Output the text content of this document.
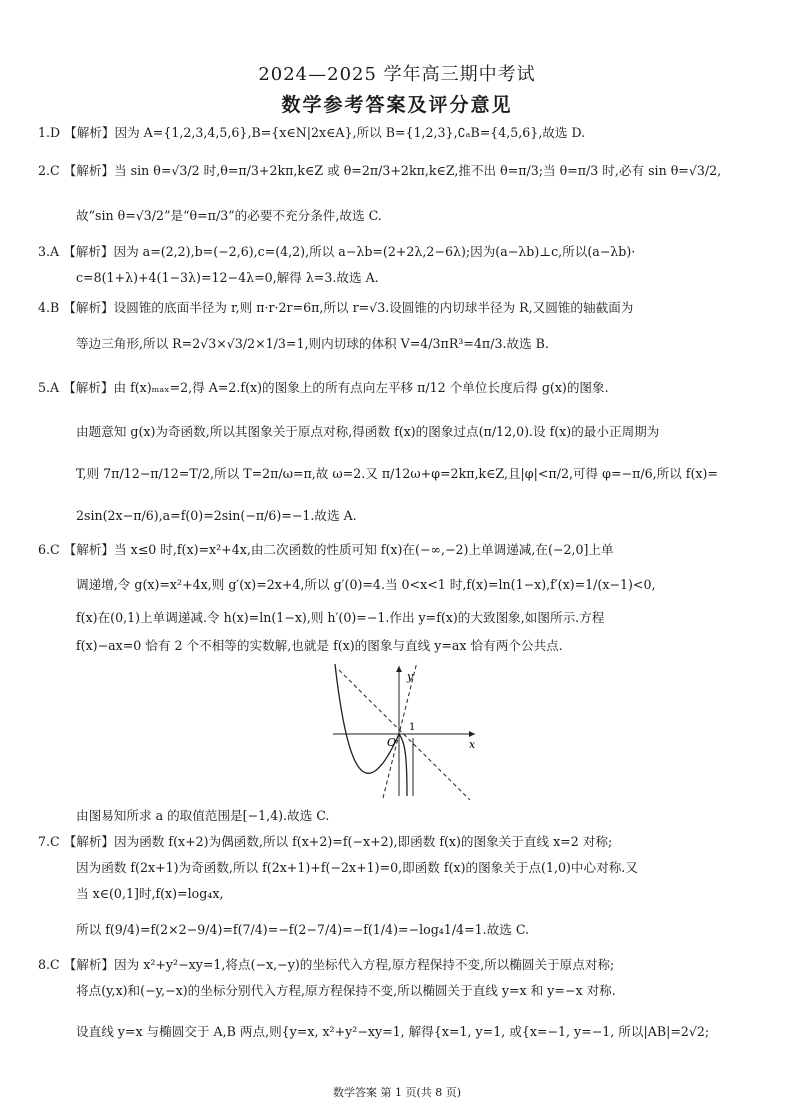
2024—2025 学年高三期中考试
数学参考答案及评分意见
1.D 【解析】因为 A={1,2,3,4,5,6},B={x∈N|2x∈A},所以 B={1,2,3},∁ₐB={4,5,6},故选 D.
2.C 【解析】当 sin θ=√3/2 时,θ=π/3+2kπ,k∈Z 或 θ=2π/3+2kπ,k∈Z,推不出 θ=π/3;当 θ=π/3 时,必有 sin θ=√3/2,
故“sin θ=√3/2”是“θ=π/3”的必要不充分条件,故选 C.
3.A 【解析】因为 a=(2,2),b=(−2,6),c=(4,2),所以 a−λb=(2+2λ,2−6λ);因为(a−λb)⊥c,所以(a−λb)·
c=8(1+λ)+4(1−3λ)=12−4λ=0,解得 λ=3.故选 A.
4.B 【解析】设圆锥的底面半径为 r,则 π·r·2r=6π,所以 r=√3.设圆锥的内切球半径为 R,又圆锥的轴截面为
等边三角形,所以 R=2√3×√3/2×1/3=1,则内切球的体积 V=4/3πR³=4π/3.故选 B.
5.A 【解析】由 f(x)ₘₐₓ=2,得 A=2.f(x)的图象上的所有点向左平移 π/12 个单位长度后得 g(x)的图象.
由题意知 g(x)为奇函数,所以其图象关于原点对称,得函数 f(x)的图象过点(π/12,0).设 f(x)的最小正周期为
T,则 7π/12−π/12=T/2,所以 T=2π/ω=π,故 ω=2.又 π/12ω+φ=2kπ,k∈Z,且|φ|<π/2,可得 φ=−π/6,所以 f(x)=
2sin(2x−π/6),a=f(0)=2sin(−π/6)=−1.故选 A.
6.C 【解析】当 x≤0 时,f(x)=x²+4x,由二次函数的性质可知 f(x)在(−∞,−2)上单调递减,在(−2,0]上单
调递增,令 g(x)=x²+4x,则 g′(x)=2x+4,所以 g′(0)=4.当 0<x<1 时,f(x)=ln(1−x),f′(x)=1/(x−1)<0,
f(x)在(0,1)上单调递减.令 h(x)=ln(1−x),则 h′(0)=−1.作出 y=f(x)的大致图象,如图所示.方程
f(x)−ax=0 恰有 2 个不相等的实数解,也就是 f(x)的图象与直线 y=ax 恰有两个公共点.
y
x
O
1
由图易知所求 a 的取值范围是[−1,4).故选 C.
7.C 【解析】因为函数 f(x+2)为偶函数,所以 f(x+2)=f(−x+2),即函数 f(x)的图象关于直线 x=2 对称;
因为函数 f(2x+1)为奇函数,所以 f(2x+1)+f(−2x+1)=0,即函数 f(x)的图象关于点(1,0)中心对称.又
当 x∈(0,1]时,f(x)=log₄x,
所以 f(9/4)=f(2×2−9/4)=f(7/4)=−f(2−7/4)=−f(1/4)=−log₄1/4=1.故选 C.
8.C 【解析】因为 x²+y²−xy=1,将点(−x,−y)的坐标代入方程,原方程保持不变,所以椭圆关于原点对称;
将点(y,x)和(−y,−x)的坐标分别代入方程,原方程保持不变,所以椭圆关于直线 y=x 和 y=−x 对称.
设直线 y=x 与椭圆交于 A,B 两点,则{y=x, x²+y²−xy=1, 解得{x=1, y=1, 或{x=−1, y=−1, 所以|AB|=2√2;
数学答案 第 1 页(共 8 页)
